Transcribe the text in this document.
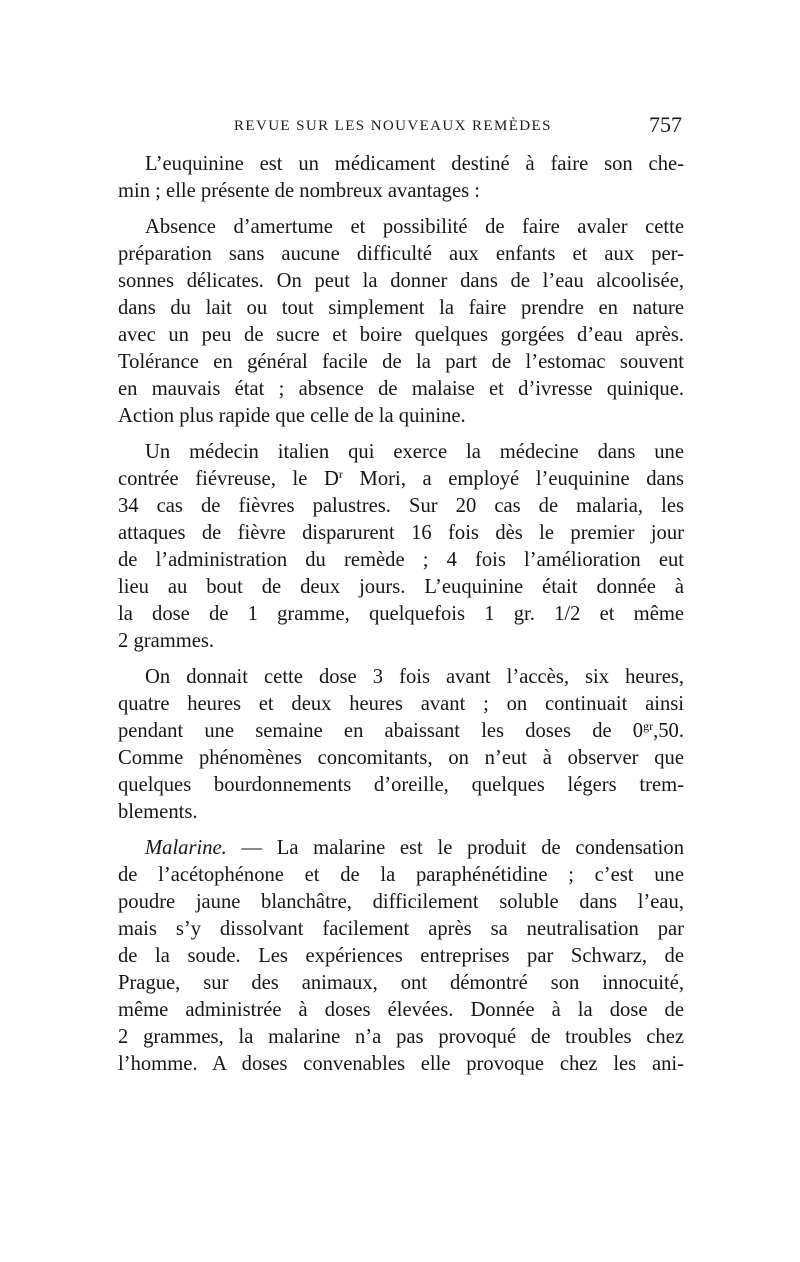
REVUE SUR LES NOUVEAUX REMÈDES	757
L’euquinine est un médicament destiné à faire son che-
min ; elle présente de nombreux avantages :
Absence d’amertume et possibilité de faire avaler cette
préparation sans aucune difficulté aux enfants et aux per-
sonnes délicates. On peut la donner dans de l’eau alcoolisée,
dans du lait ou tout simplement la faire prendre en nature
avec un peu de sucre et boire quelques gorgées d’eau après.
Tolérance en général facile de la part de l’estomac souvent
en mauvais état ; absence de malaise et d’ivresse quinique.
Action plus rapide que celle de la quinine.
Un médecin italien qui exerce la médecine dans une
contrée fiévreuse, le $D^r$ Mori, a employé l’euquinine dans
34 cas de fièvres palustres. Sur 20 cas de malaria, les
attaques de fièvre disparurent 16 fois dès le premier jour
de l’administration du remède ; 4 fois l’amélioration eut
lieu au bout de deux jours. L’euquinine était donnée à
la dose de 1 gramme, quelquefois 1 gr. 1/2 et même
2 grammes.
On donnait cette dose 3 fois avant l’accès, six heures,
quatre heures et deux heures avant ; on continuait ainsi
pendant une semaine en abaissant les doses de $0^{gr},50$.
Comme phénomènes concomitants, on n’eut à observer que
quelques bourdonnements d’oreille, quelques légers trem-
blements.
Malarine. — La malarine est le produit de condensation
de l’acétophénone et de la paraphénétidine ; c’est une
poudre jaune blanchâtre, difficilement soluble dans l’eau,
mais s’y dissolvant facilement après sa neutralisation par
de la soude. Les expériences entreprises par Schwarz, de
Prague, sur des animaux, ont démontré son innocuité,
même administrée à doses élevées. Donnée à la dose de
2 grammes, la malarine n’a pas provoqué de troubles chez
l’homme. A doses convenables elle provoque chez les ani-
